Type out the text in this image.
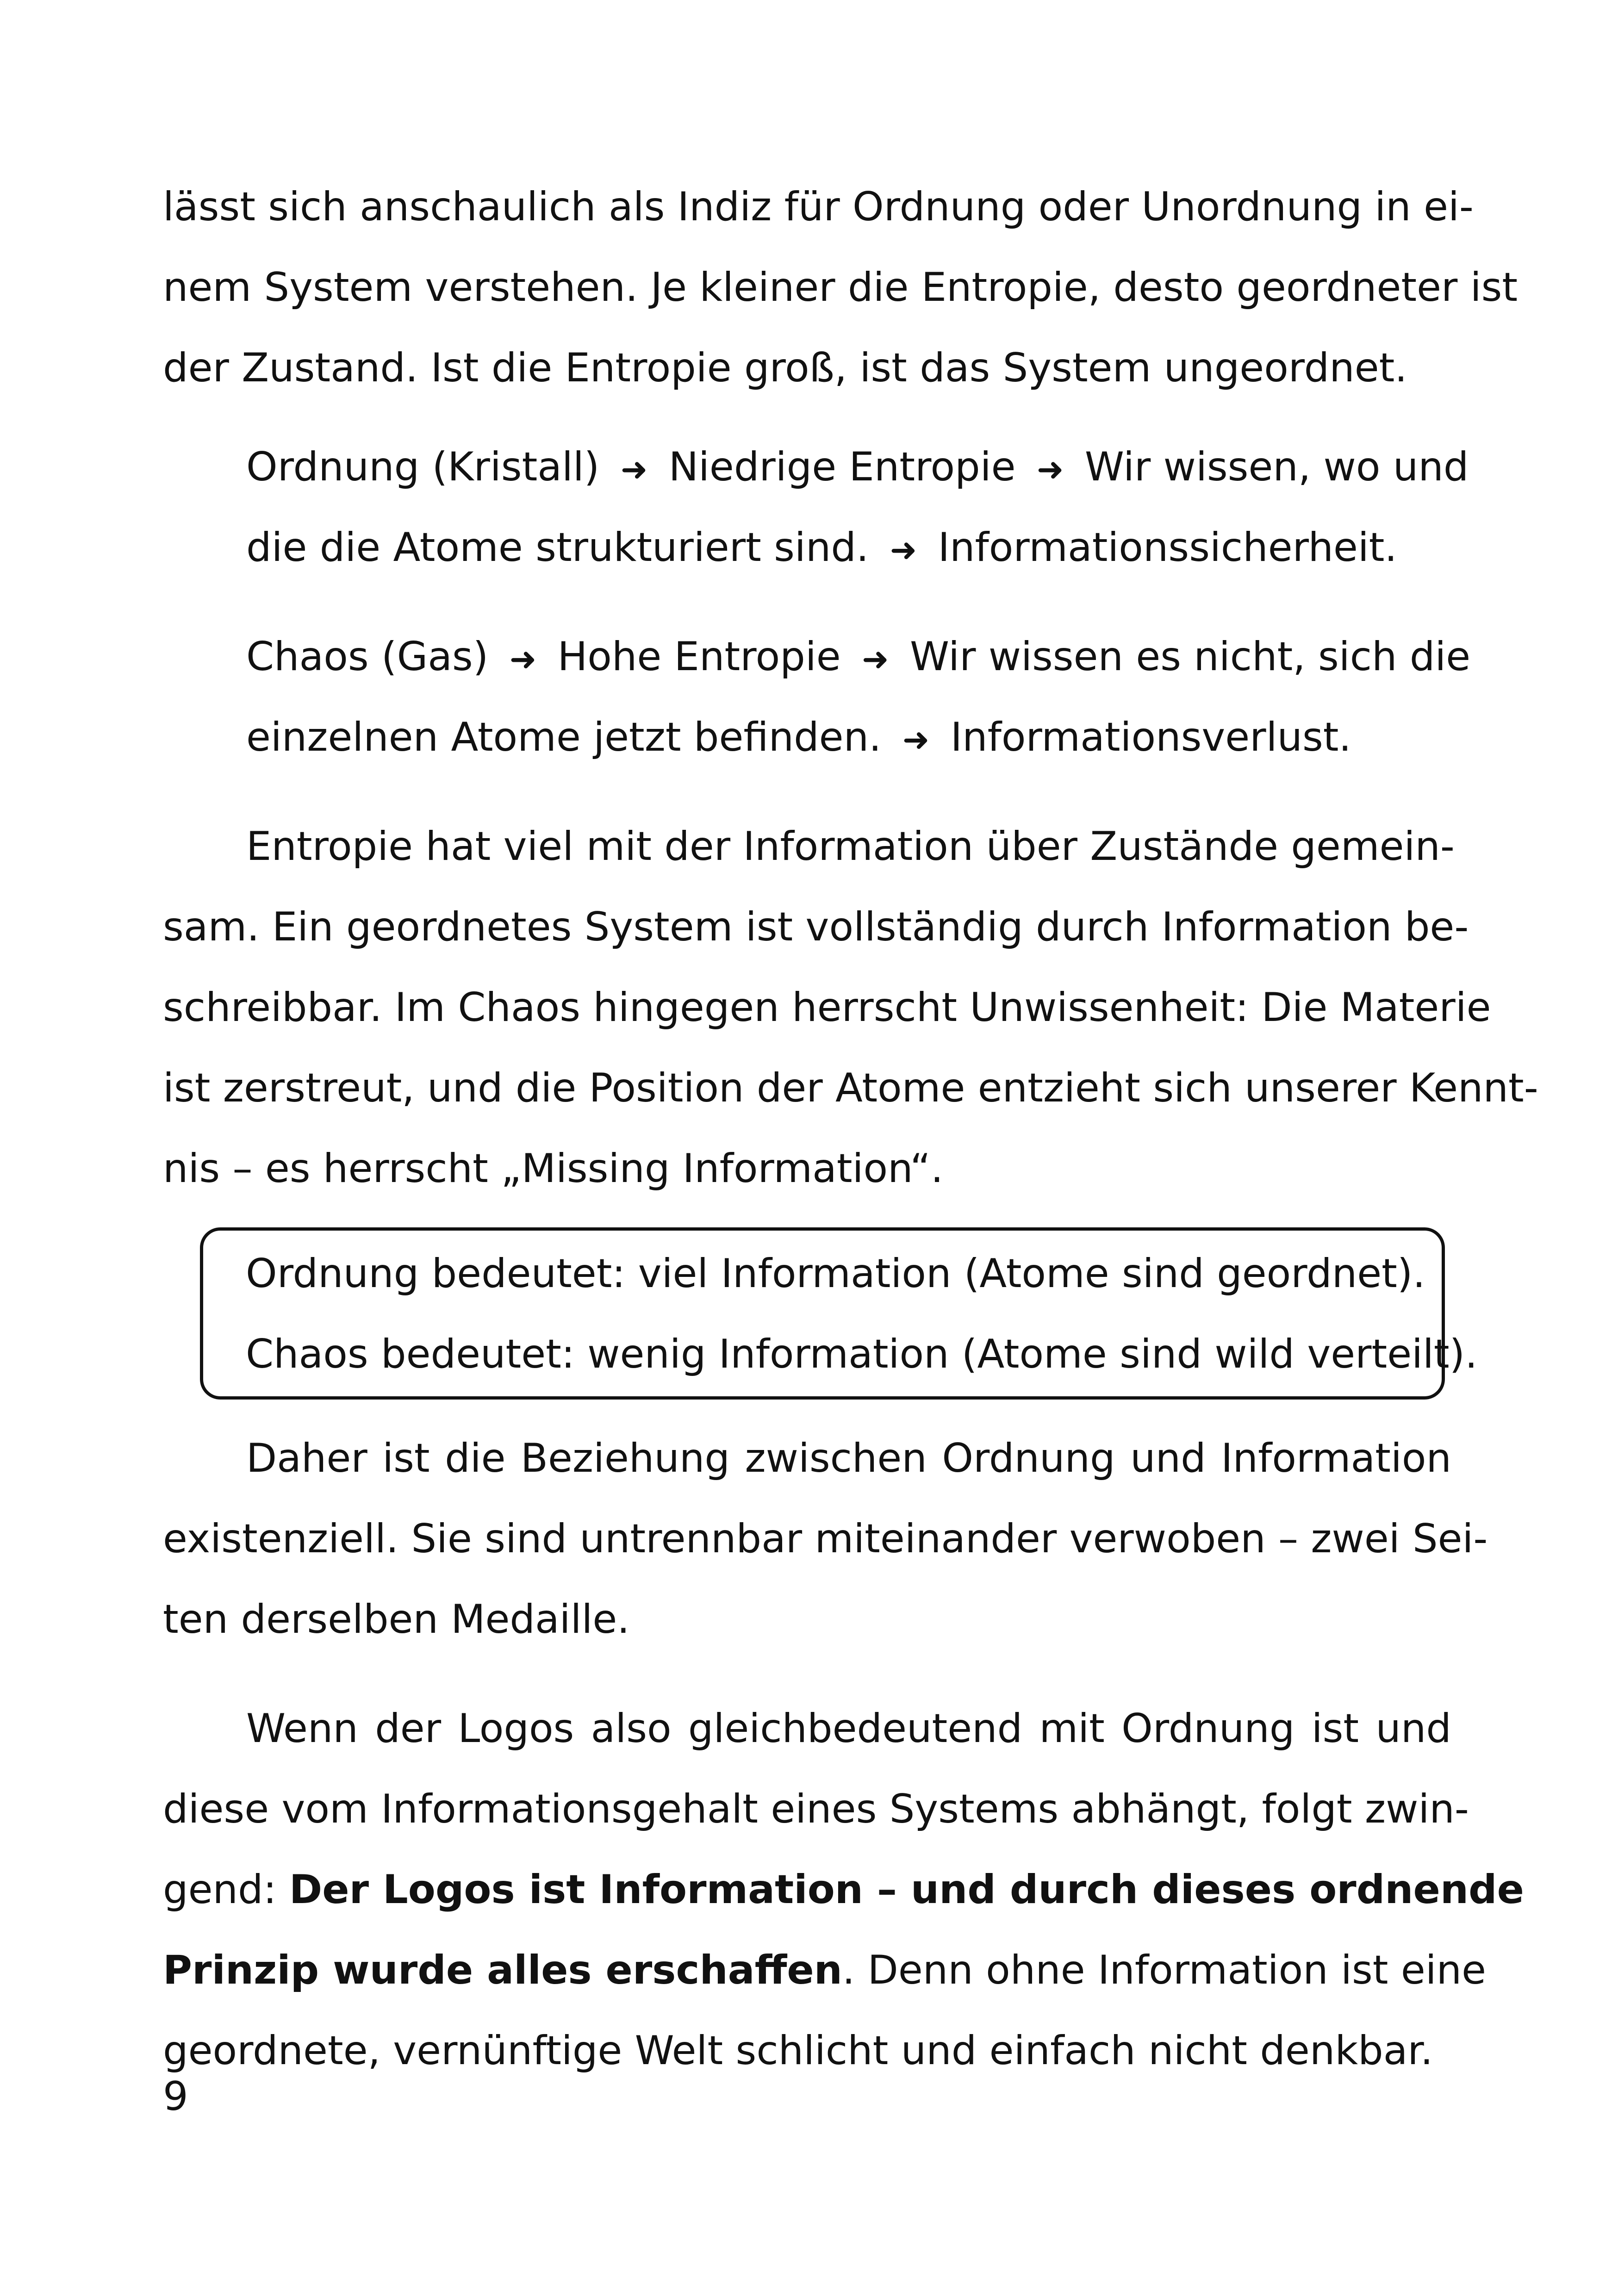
lässt sich anschaulich als Indiz für Ordnung oder Unordnung in ei-
nem System verstehen. Je kleiner die Entropie, desto geordneter ist
der Zustand. Ist die Entropie groß, ist das System ungeordnet.
Ordnung (Kristall) ➜ Niedrige Entropie ➜ Wir wissen, wo und
die die Atome strukturiert sind. ➜ Informationssicherheit.
Chaos (Gas) ➜ Hohe Entropie ➜ Wir wissen es nicht, sich die
einzelnen Atome jetzt befinden. ➜ Informationsverlust.
Entropie hat viel mit der Information über Zustände gemein-
sam. Ein geordnetes System ist vollständig durch Information be-
schreibbar. Im Chaos hingegen herrscht Unwissenheit: Die Materie
ist zerstreut, und die Position der Atome entzieht sich unserer Kennt-
nis – es herrscht „Missing Information“.
Ordnung bedeutet: viel Information (Atome sind geordnet).
Chaos bedeutet: wenig Information (Atome sind wild verteilt).
Daher ist die Beziehung zwischen Ordnung und Information
existenziell. Sie sind untrennbar miteinander verwoben – zwei Sei-
ten derselben Medaille.
Wenn der Logos also gleichbedeutend mit Ordnung ist und
diese vom Informationsgehalt eines Systems abhängt, folgt zwin-
gend: Der Logos ist Information – und durch dieses ordnende
Prinzip wurde alles erschaffen. Denn ohne Information ist eine
geordnete, vernünftige Welt schlicht und einfach nicht denkbar.
9
